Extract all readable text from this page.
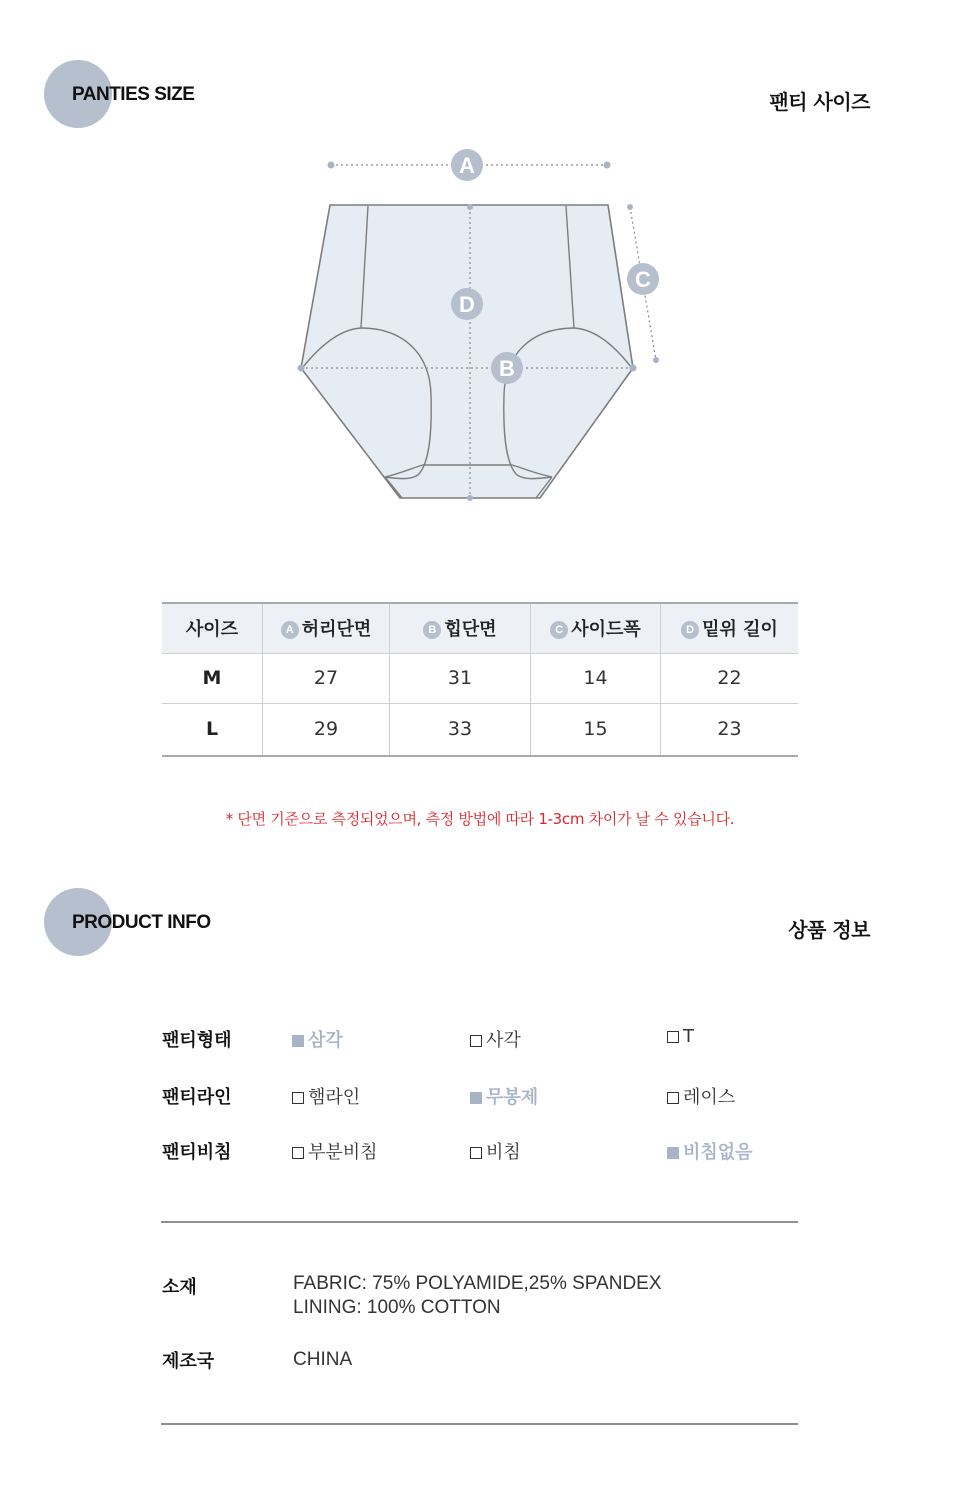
PANTIES SIZE	팬티 사이즈
A
D
B
C
사이즈	A 허리단면	B 힙단면	C 사이드폭	D 밑위 길이
M	27	31	14	22
L	29	33	15	23
* 단면 기준으로 측정되었으며, 측정 방법에 따라 1-3cm 차이가 날 수 있습니다.
PRODUCT INFO	상품 정보
팬티형태	삼각	사각	T
팬티라인	햄라인	무봉제	레이스
팬티비침	부분비침	비침	비침없음
소재	FABRIC: 75% POLYAMIDE,25% SPANDEX
LINING: 100% COTTON
제조국	CHINA
